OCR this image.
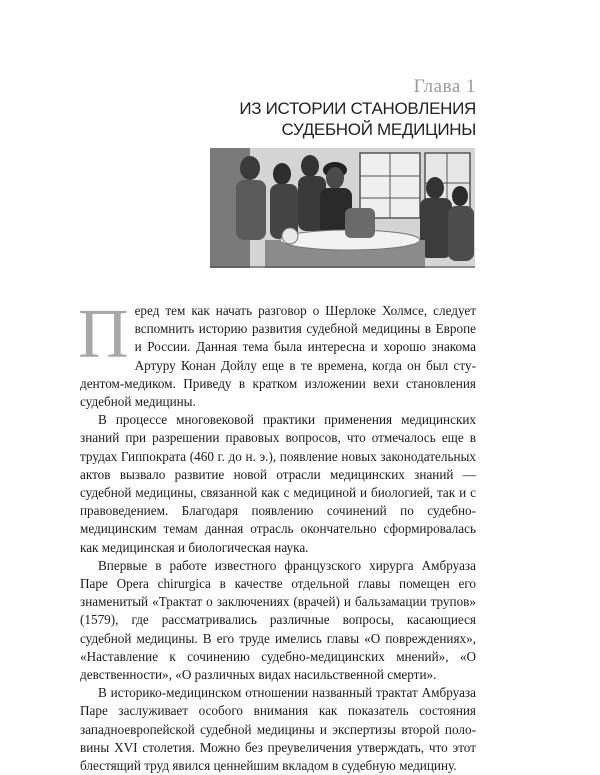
Глава 1
ИЗ ИСТОРИИ СТАНОВЛЕНИЯ
СУДЕБНОЙ МЕДИЦИНЫ

П еред тем как начать разговор о Шерлоке Холмсе, следует вспомнить историю развития судебной медицины в Европе и России. Данная тема была интересна и хорошо знакома Артуру Конан Дойлу еще в те времена, когда он был студентом-медиком. Приведу в кратком изложении вехи становления судебной медицины.

В процессе многовековой практики применения медицинских знаний при разрешении правовых вопросов, что отмечалось еще в трудах Гиппократа (460 г. до н. э.), появление новых законодательных актов вызвало развитие новой отрасли медицинских знаний — судебной медицины, связанной как с медициной и биологией, так и с правоведением. Благодаря появлению сочинений по судебно-медицинским темам данная отрасль окончательно сформировалась как медицинская и биологическая наука.

Впервые в работе известного французского хирурга Амбруаза Паре Opera chirurgica в качестве отдельной главы помещен его знаменитый «Трактат о заключениях (врачей) и бальзамации трупов» (1579), где рассматривались различные вопросы, касающиеся судебной медицины. В его труде имелись главы «О повреждениях», «Наставление к сочинению судебно-медицинских мнений», «О девственности», «О различных видах насильственной смерти».

В историко-медицинском отношении названный трактат Амбруаза Паре заслуживает особого внимания как показатель состояния западноевропейской судебной медицины и экспертизы второй половины XVI столетия. Можно без преувеличения утверждать, что этот блестящий труд явился ценнейшим вкладом в судебную медицину.
